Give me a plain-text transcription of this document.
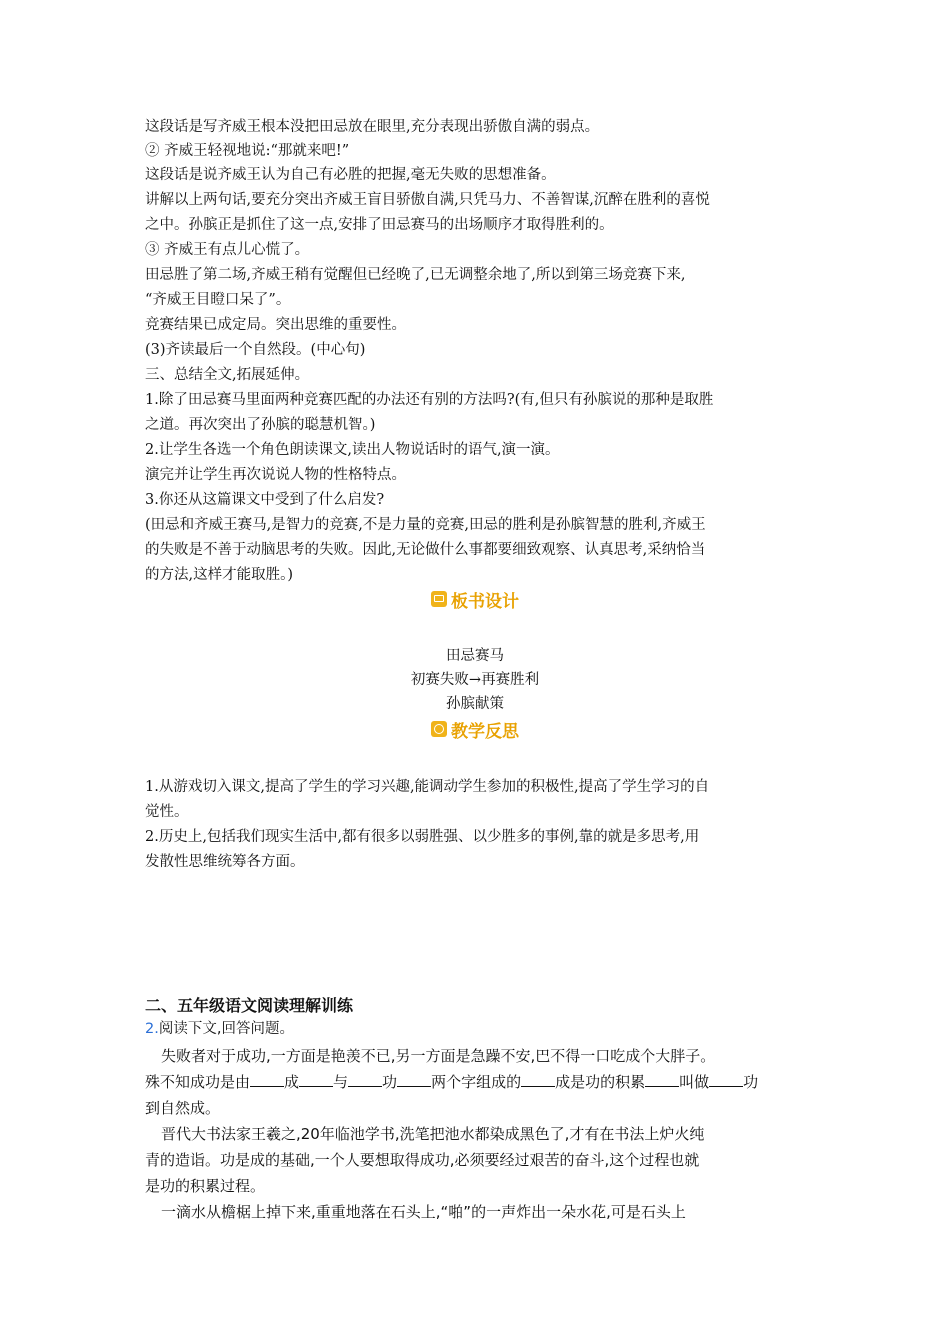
这段话是写齐威王根本没把田忌放在眼里,充分表现出骄傲自满的弱点。
② 齐威王轻视地说:“那就来吧!”
这段话是说齐威王认为自己有必胜的把握,毫无失败的思想准备。
讲解以上两句话,要充分突出齐威王盲目骄傲自满,只凭马力、不善智谋,沉醉在胜利的喜悦
之中。孙膑正是抓住了这一点,安排了田忌赛马的出场顺序才取得胜利的。
③ 齐威王有点儿心慌了。
田忌胜了第二场,齐威王稍有觉醒但已经晚了,已无调整余地了,所以到第三场竞赛下来,
“齐威王目瞪口呆了”。
竞赛结果已成定局。突出思维的重要性。
(3)齐读最后一个自然段。(中心句)
三、总结全文,拓展延伸。
1.除了田忌赛马里面两种竞赛匹配的办法还有别的方法吗?(有,但只有孙膑说的那种是取胜
之道。再次突出了孙膑的聪慧机智。)
2.让学生各选一个角色朗读课文,读出人物说话时的语气,演一演。
演完并让学生再次说说人物的性格特点。
3.你还从这篇课文中受到了什么启发?
(田忌和齐威王赛马,是智力的竞赛,不是力量的竞赛,田忌的胜利是孙膑智慧的胜利,齐威王
的失败是不善于动脑思考的失败。因此,无论做什么事都要细致观察、认真思考,采纳恰当
的方法,这样才能取胜。)
板书设计
田忌赛马
初赛失败→再赛胜利
孙膑献策
教学反思
1.从游戏切入课文,提高了学生的学习兴趣,能调动学生参加的积极性,提高了学生学习的自
觉性。
2.历史上,包括我们现实生活中,都有很多以弱胜强、以少胜多的事例,靠的就是多思考,用
发散性思维统筹各方面。
二、五年级语文阅读理解训练
2.阅读下文,回答问题。
失败者对于成功,一方面是艳羡不已,另一方面是急躁不安,巴不得一口吃成个大胖子。
殊不知成功是由 成 与 功 两个字组成的 成是功的积累 叫做 功
到自然成。
晋代大书法家王羲之,20年临池学书,洗笔把池水都染成黑色了,才有在书法上炉火纯
青的造诣。功是成的基础,一个人要想取得成功,必须要经过艰苦的奋斗,这个过程也就
是功的积累过程。
一滴水从檐椐上掉下来,重重地落在石头上,“啪”的一声炸出一朵水花,可是石头上
